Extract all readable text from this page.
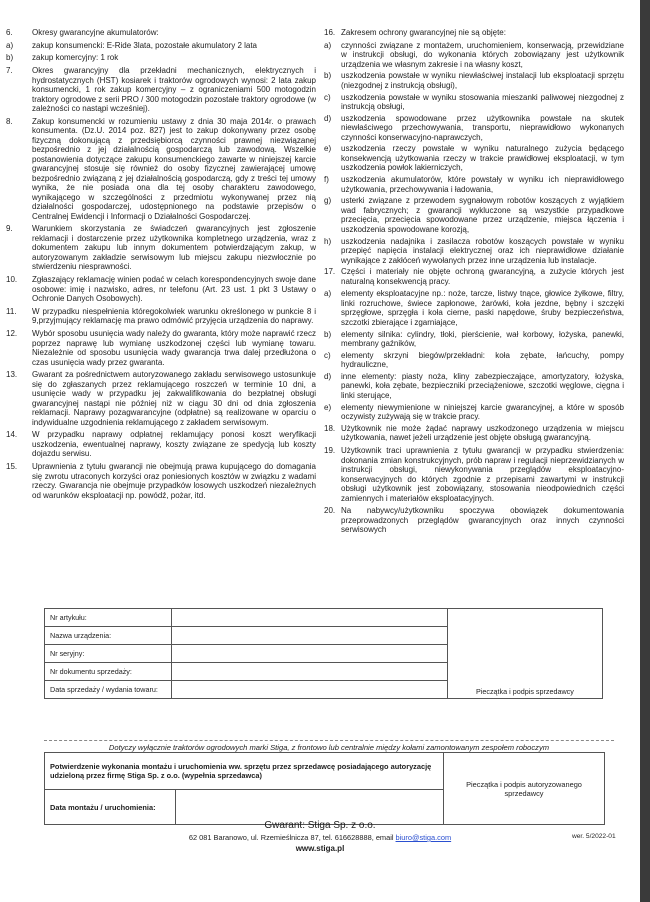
6.	Okresy gwarancyjne akumulatorów:
a)	zakup konsumencki: E-Ride 3lata, pozostałe akumulatory 2 lata
b)	zakup komercyjny: 1 rok
7.	Okres gwarancyjny dla przekładni mechanicznych, elektrycznych i hydrostatycznych (HST) kosiarek i traktorów ogrodowych wynosi: 2 lata zakup konsumencki, 1 rok zakup komercyjny – z ograniczeniami 500 motogodzin traktory ogrodowe z serii PRO / 300 motogodzin pozostałe traktory ogrodowe (w zależności co nastąpi wcześniej).
8.	Zakup konsumencki w rozumieniu ustawy z dnia 30 maja 2014r. o prawach konsumenta. (Dz.U. 2014 poz. 827) jest to zakup dokonywany przez osobę fizyczną dokonującą z przedsiębiorcą czynności prawnej niezwiązanej bezpośrednio z jej działalnością gospodarczą lub zawodową. Wszelkie postanowienia dotyczące zakupu konsumenckiego zawarte w niniejszej karcie gwarancyjnej stosuje się również do osoby fizycznej zawierającej umowę bezpośrednio związaną z jej działalnością gospodarczą, gdy z treści tej umowy wynika, że nie posiada ona dla tej osoby charakteru zawodowego, wynikającego w szczególności z przedmiotu wykonywanej przez nią działalności gospodarczej, udostępnionego na podstawie przepisów o Centralnej Ewidencji i Informacji o Działalności Gospodarczej.
9.	Warunkiem skorzystania ze świadczeń gwarancyjnych jest zgłoszenie reklamacji i dostarczenie przez użytkownika kompletnego urządzenia, wraz z dokumentem zakupu lub innym dokumentem potwierdzającym zakup, w autoryzowanym zakładzie serwisowym lub miejscu zakupu niezwłocznie po stwierdzeniu niesprawności.
10.	Zgłaszający reklamację winien podać w celach korespondencyjnych swoje dane osobowe: imię i nazwisko, adres, nr telefonu (Art. 23 ust. 1 pkt 3 Ustawy o Ochronie Danych Osobowych).
11.	W przypadku niespełnienia któregokolwiek warunku określonego w punkcie 8 i 9,przyjmujący reklamację ma prawo odmówić przyjęcia urządzenia do naprawy.
12.	Wybór sposobu usunięcia wady należy do gwaranta, który może naprawić rzecz poprzez naprawę lub wymianę uszkodzonej części lub wymianę towaru. Niezależnie od sposobu usunięcia wady gwarancja trwa dalej przedłużona o czas usunięcia wady przez gwaranta.
13.	Gwarant za pośrednictwem autoryzowanego zakładu serwisowego ustosunkuje się do zgłaszanych przez reklamującego roszczeń w terminie 10 dni, a usunięcie wady w przypadku jej zakwalifikowania do bezpłatnej obsługi gwarancyjnej nastąpi nie później niż w ciągu 30 dni od dnia zgłoszenia reklamacji. Naprawy pozagwarancyjne (odpłatne) są realizowane w oparciu o indywidualne uzgodnienia reklamującego z zakładem serwisowym.
14.	W przypadku naprawy odpłatnej reklamujący ponosi koszt weryfikacji uszkodzenia, ewentualnej naprawy, koszty związane ze spedycją lub koszty dojazdu serwisu.
15.	Uprawnienia z tytułu gwarancji nie obejmują prawa kupującego do domagania się zwrotu utraconych korzyści oraz poniesionych kosztów w związku z wadami rzeczy. Gwarancja nie obejmuje przypadków losowych uszkodzeń niezależnych od warunków eksploatacji np. powódź, pożar, itd.
16. Zakresem ochrony gwarancyjnej nie są objęte:
a)	czynności związane z montażem, uruchomieniem, konserwacją, przewidziane w instrukcji obsługi, do wykonania których zobowiązany jest użytkownik urządzenia we własnym zakresie i na własny koszt,
b)	uszkodzenia powstałe w wyniku niewłaściwej instalacji lub eksploatacji sprzętu (niezgodnej z instrukcją obsługi),
c)	uszkodzenia powstałe w wyniku stosowania mieszanki paliwowej niezgodnej z instrukcją obsługi,
d)	uszkodzenia spowodowane przez użytkownika powstałe na skutek niewłaściwego przechowywania, transportu, nieprawidłowo wykonanych czynności konserwacyjno-naprawczych,
e)	uszkodzenia rzeczy powstałe w wyniku naturalnego zużycia będącego konsekwencją użytkowania rzeczy w trakcie prawidłowej eksploatacji, w tym uszkodzenia powłok lakierniczych,
f)	uszkodzenia akumulatorów, które powstały w wyniku ich nieprawidłowego użytkowania, przechowywania i ładowania,
g)	usterki związane z przewodem sygnałowym robotów koszących z wyjątkiem wad fabrycznych; z gwarancji wykluczone są wszystkie przypadkowe przecięcia, przecięcia spowodowane przez urządzenie, miejsca łączenia i uszkodzenia spowodowane korozją,
h)	uszkodzenia nadajnika i zasilacza robotów koszących powstałe w wyniku przepięć napięcia instalacji elektrycznej oraz ich nieprawidłowe działanie wynikające z zakłóceń wywołanych przez inne urządzenia lub instalacje.
17. Części i materiały nie objęte ochroną gwarancyjną, a zużycie których jest naturalną konsekwencją pracy.
a)	elementy eksploatacyjne np.: noże, tarcze, listwy tnące, głowice żyłkowe, filtry, linki rozruchowe, świece zapłonowe, żarówki, koła jezdne, bębny i szczęki sprzęgłowe, sprzęgła i koła cierne, paski napędowe, śruby bezpieczeństwa, szczotki zbierające i zgarniające,
b)	elementy silnika: cylindry, tłoki, pierścienie, wał korbowy, łożyska, panewki, membrany gaźników,
c)	elementy skrzyni biegów/przekładni: koła zębate, łańcuchy, pompy hydrauliczne,
d)	inne elementy: piasty noża, kliny zabezpieczające, amortyzatory, łożyska, panewki, koła zębate, bezpieczniki przeciążeniowe, szczotki węglowe, cięgna i linki sterujące,
e)	elementy niewymienione w niniejszej karcie gwarancyjnej, a które w sposób oczywisty zużywają się w trakcie pracy.
18. Użytkownik nie może żądać naprawy uszkodzonego urządzenia w miejscu użytkowania, nawet jeżeli urządzenie jest objęte obsługą gwarancyjną.
19. Użytkownik traci uprawnienia z tytułu gwarancji w przypadku stwierdzenia: dokonania zmian konstrukcyjnych, prób napraw i regulacji nieprzewidzianych w instrukcji obsługi, niewykonywania przeglądów eksploatacyjno- konserwacyjnych do których zgodnie z przepisami zawartymi w instrukcji obsługi użytkownik jest zobowiązany, stosowania nieodpowiednich części zamiennych i materiałów eksploatacyjnych.
20. Na nabywcy/użytkowniku spoczywa obowiązek dokumentowania przeprowadzonych przeglądów gwarancyjnych oraz innych czynności serwisowych
Nr artykułu:		Pieczątka i podpis sprzedawcy
Nazwa urządzenia:		
Nr seryjny:		
Nr dokumentu sprzedaży:		
Data sprzedaży / wydania towaru:		
Dotyczy wyłącznie traktorów ogrodowych marki Stiga, z frontowo lub centralnie między kołami zamontowanym zespołem roboczym
Potwierdzenie wykonania montażu i uruchomienia ww. sprzętu przez sprzedawcę posiadającego autoryzację udzieloną przez firmę Stiga Sp. z o.o. (wypełnia sprzedawca)		Pieczątka i podpis autoryzowanego sprzedawcy
Data montażu / uruchomienia:		
Gwarant: Stiga Sp. z o.o.
62 081 Baranowo, ul. Rzemieślnicza 87, tel. 616628888, email biuro@stiga.com
www.stiga.pl
wer. 5/2022-01
